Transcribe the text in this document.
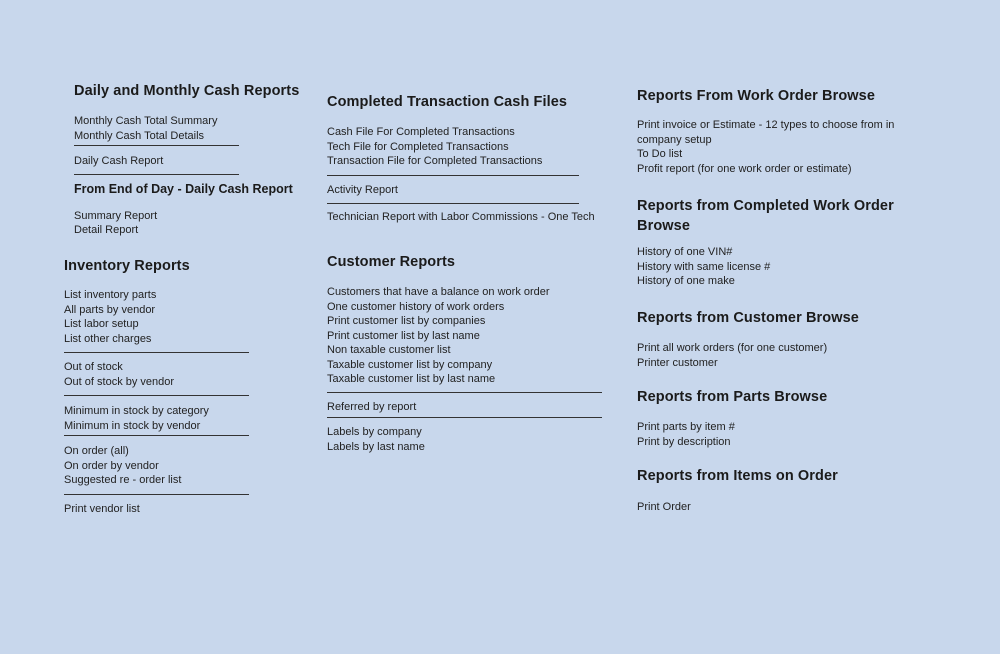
Daily and Monthly Cash Reports
Monthly Cash Total Summary
Monthly Cash Total Details
Daily Cash Report
From End of Day - Daily Cash Report
Summary Report
Detail Report
Inventory Reports
List inventory parts
All parts by vendor
List labor setup
List other charges
Out of stock
Out of stock by vendor
Minimum in stock by category
Minimum in stock by vendor
On order (all)
On order by vendor
Suggested re - order list
Print vendor list
Completed Transaction Cash Files
Cash File For Completed Transactions
Tech File for Completed Transactions
Transaction File for Completed Transactions
Activity Report
Technician Report with Labor Commissions - One Tech
Customer Reports
Customers that have a balance on work order
One customer history of work orders
Print customer list by companies
Print customer list by last name
Non taxable customer list
Taxable customer list by company
Taxable customer list by last name
Referred by report
Labels by company
Labels by last name
Reports From Work Order Browse
Print invoice or Estimate - 12 types to choose from in company setup
To Do list
Profit report (for one work order or estimate)
Reports from Completed Work Order Browse
History of one VIN#
History with same license #
History of one make
Reports from Customer Browse
Print all work orders (for one customer)
Printer customer
Reports from Parts Browse
Print parts by item #
Print by description
Reports from Items on Order
Print Order
